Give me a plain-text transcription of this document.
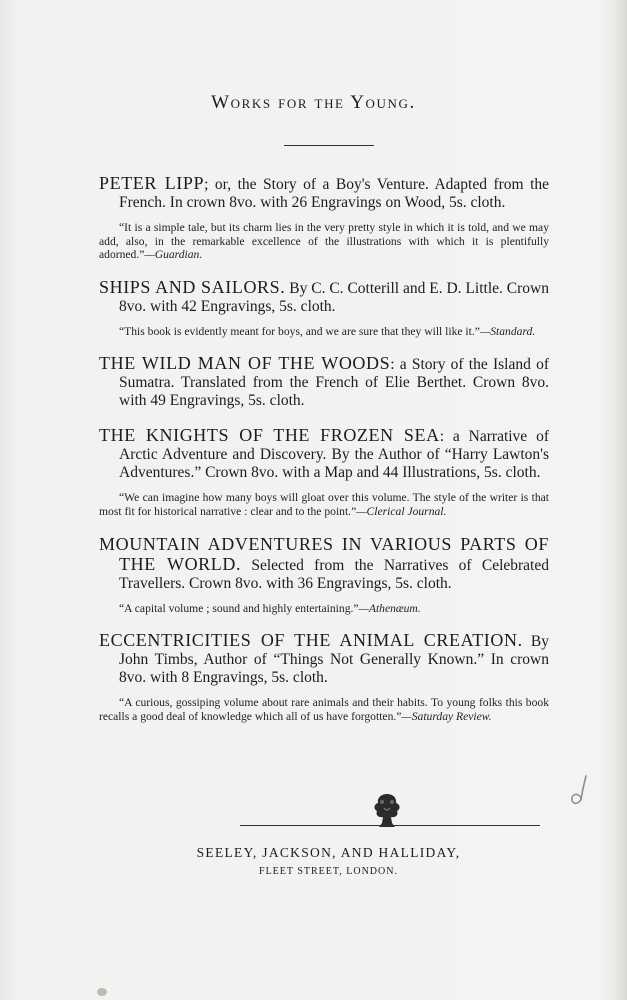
Works for the Young.
PETER LIPP; or, the Story of a Boy's Venture. Adapted from the French. In crown 8vo. with 26 Engravings on Wood, 5s. cloth.
“It is a simple tale, but its charm lies in the very pretty style in which it is told, and we may add, also, in the remarkable excellence of the illustrations with which it is plentifully adorned.”—Guardian.
SHIPS AND SAILORS. By C. C. Cotterill and E. D. Little. Crown 8vo. with 42 Engravings, 5s. cloth.
“This book is evidently meant for boys, and we are sure that they will like it.”—Standard.
THE WILD MAN OF THE WOODS: a Story of the Island of Sumatra. Translated from the French of Elie Berthet. Crown 8vo. with 49 Engravings, 5s. cloth.
THE KNIGHTS OF THE FROZEN SEA: a Narrative of Arctic Adventure and Discovery. By the Author of “Harry Lawton's Adventures.” Crown 8vo. with a Map and 44 Illustrations, 5s. cloth.
“We can imagine how many boys will gloat over this volume. The style of the writer is that most fit for historical narrative : clear and to the point.”—Clerical Journal.
MOUNTAIN ADVENTURES IN VARIOUS PARTS OF THE WORLD. Selected from the Narratives of Celebrated Travellers. Crown 8vo. with 36 Engravings, 5s. cloth.
“A capital volume ; sound and highly entertaining.”—Athenæum.
ECCENTRICITIES OF THE ANIMAL CREATION. By John Timbs, Author of “Things Not Generally Known.” In crown 8vo. with 8 Engravings, 5s. cloth.
“A curious, gossiping volume about rare animals and their habits. To young folks this book recalls a good deal of knowledge which all of us have forgotten.”—Saturday Review.
SEELEY, JACKSON, AND HALLIDAY,
FLEET STREET, LONDON.
